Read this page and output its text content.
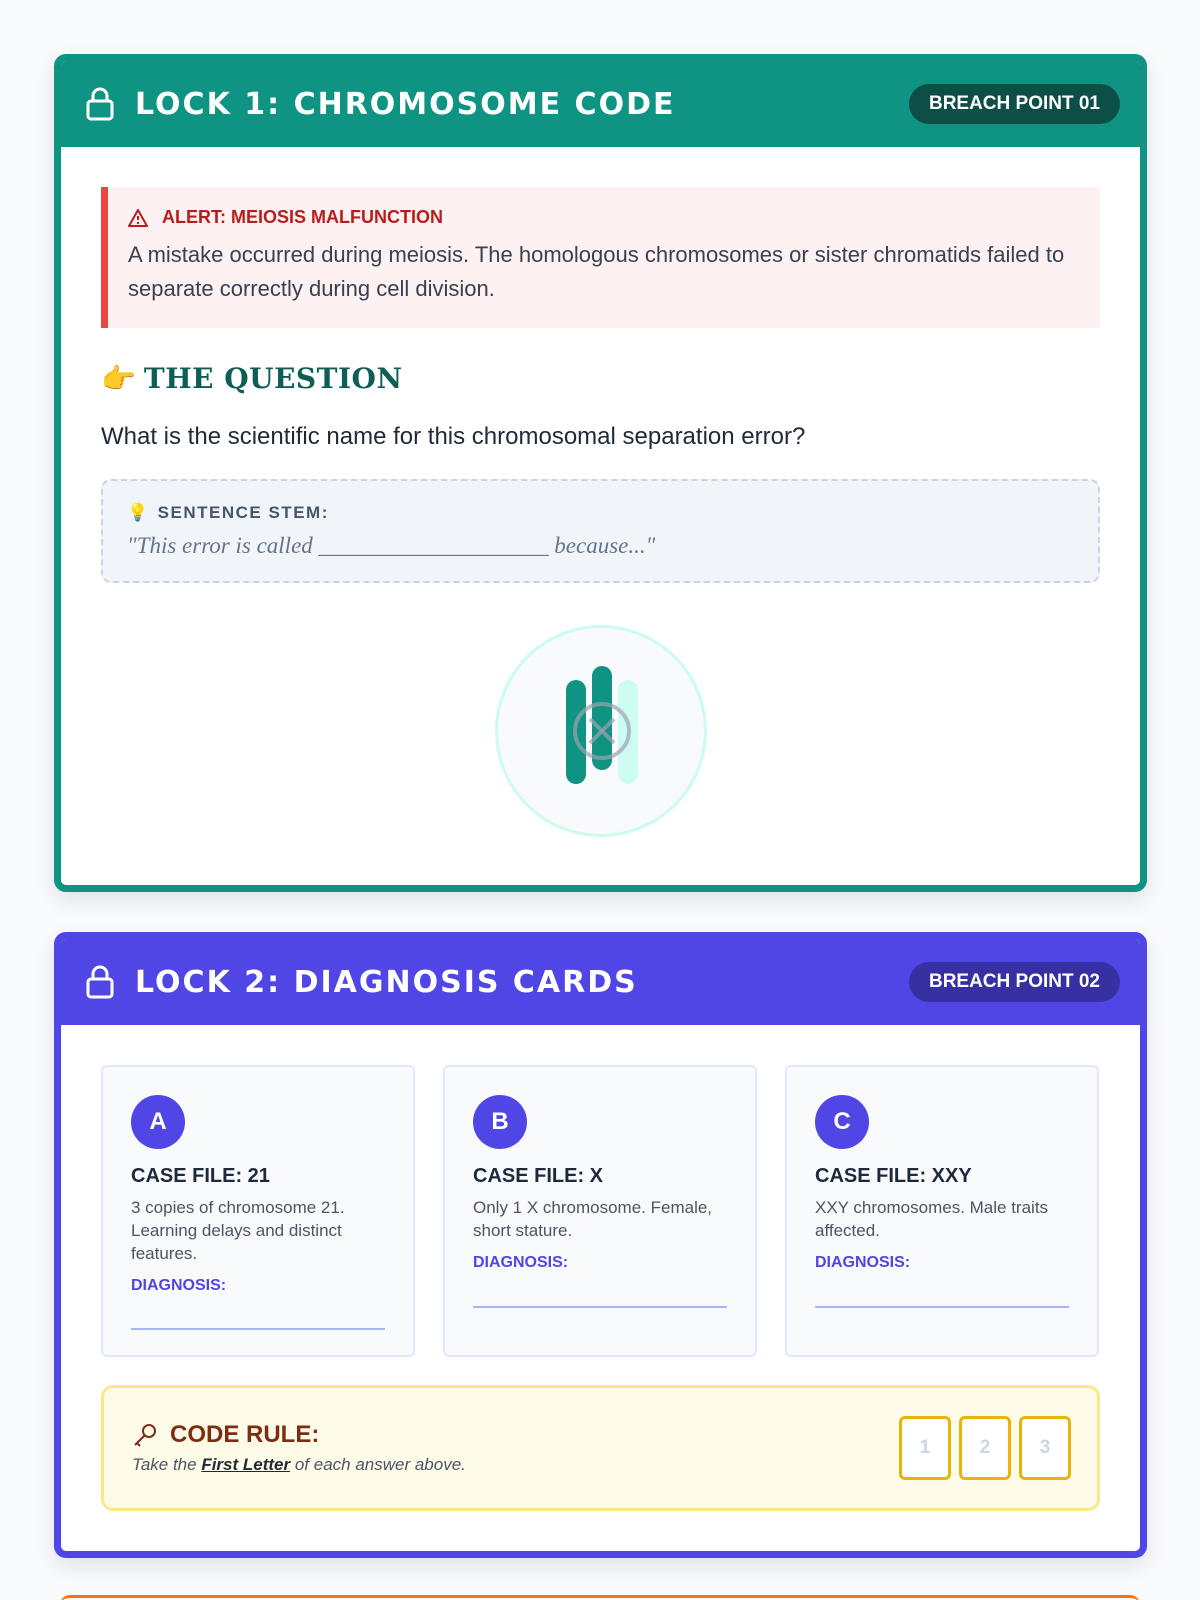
LOCK 1: CHROMOSOME CODE	BREACH POINT 01
ALERT: MEIOSIS MALFUNCTION

A mistake occurred during meiosis. The homologous chromosomes or sister chromatids failed to separate correctly during cell division.

👉 THE QUESTION

What is the scientific name for this chromosomal separation error?

💡 SENTENCE STEM:

"This error is called ____________________ because..."

LOCK 2: DIAGNOSIS CARDS	BREACH POINT 02
A
CASE FILE: 21

3 copies of chromosome 21. Learning delays and distinct features.

DIAGNOSIS:
B
CASE FILE: X

Only 1 X chromosome. Female, short stature.

DIAGNOSIS:
C
CASE FILE: XXY

XXY chromosomes. Male traits affected.

DIAGNOSIS:
CODE RULE:

Take the First Letter of each answer above.

1	2	3
